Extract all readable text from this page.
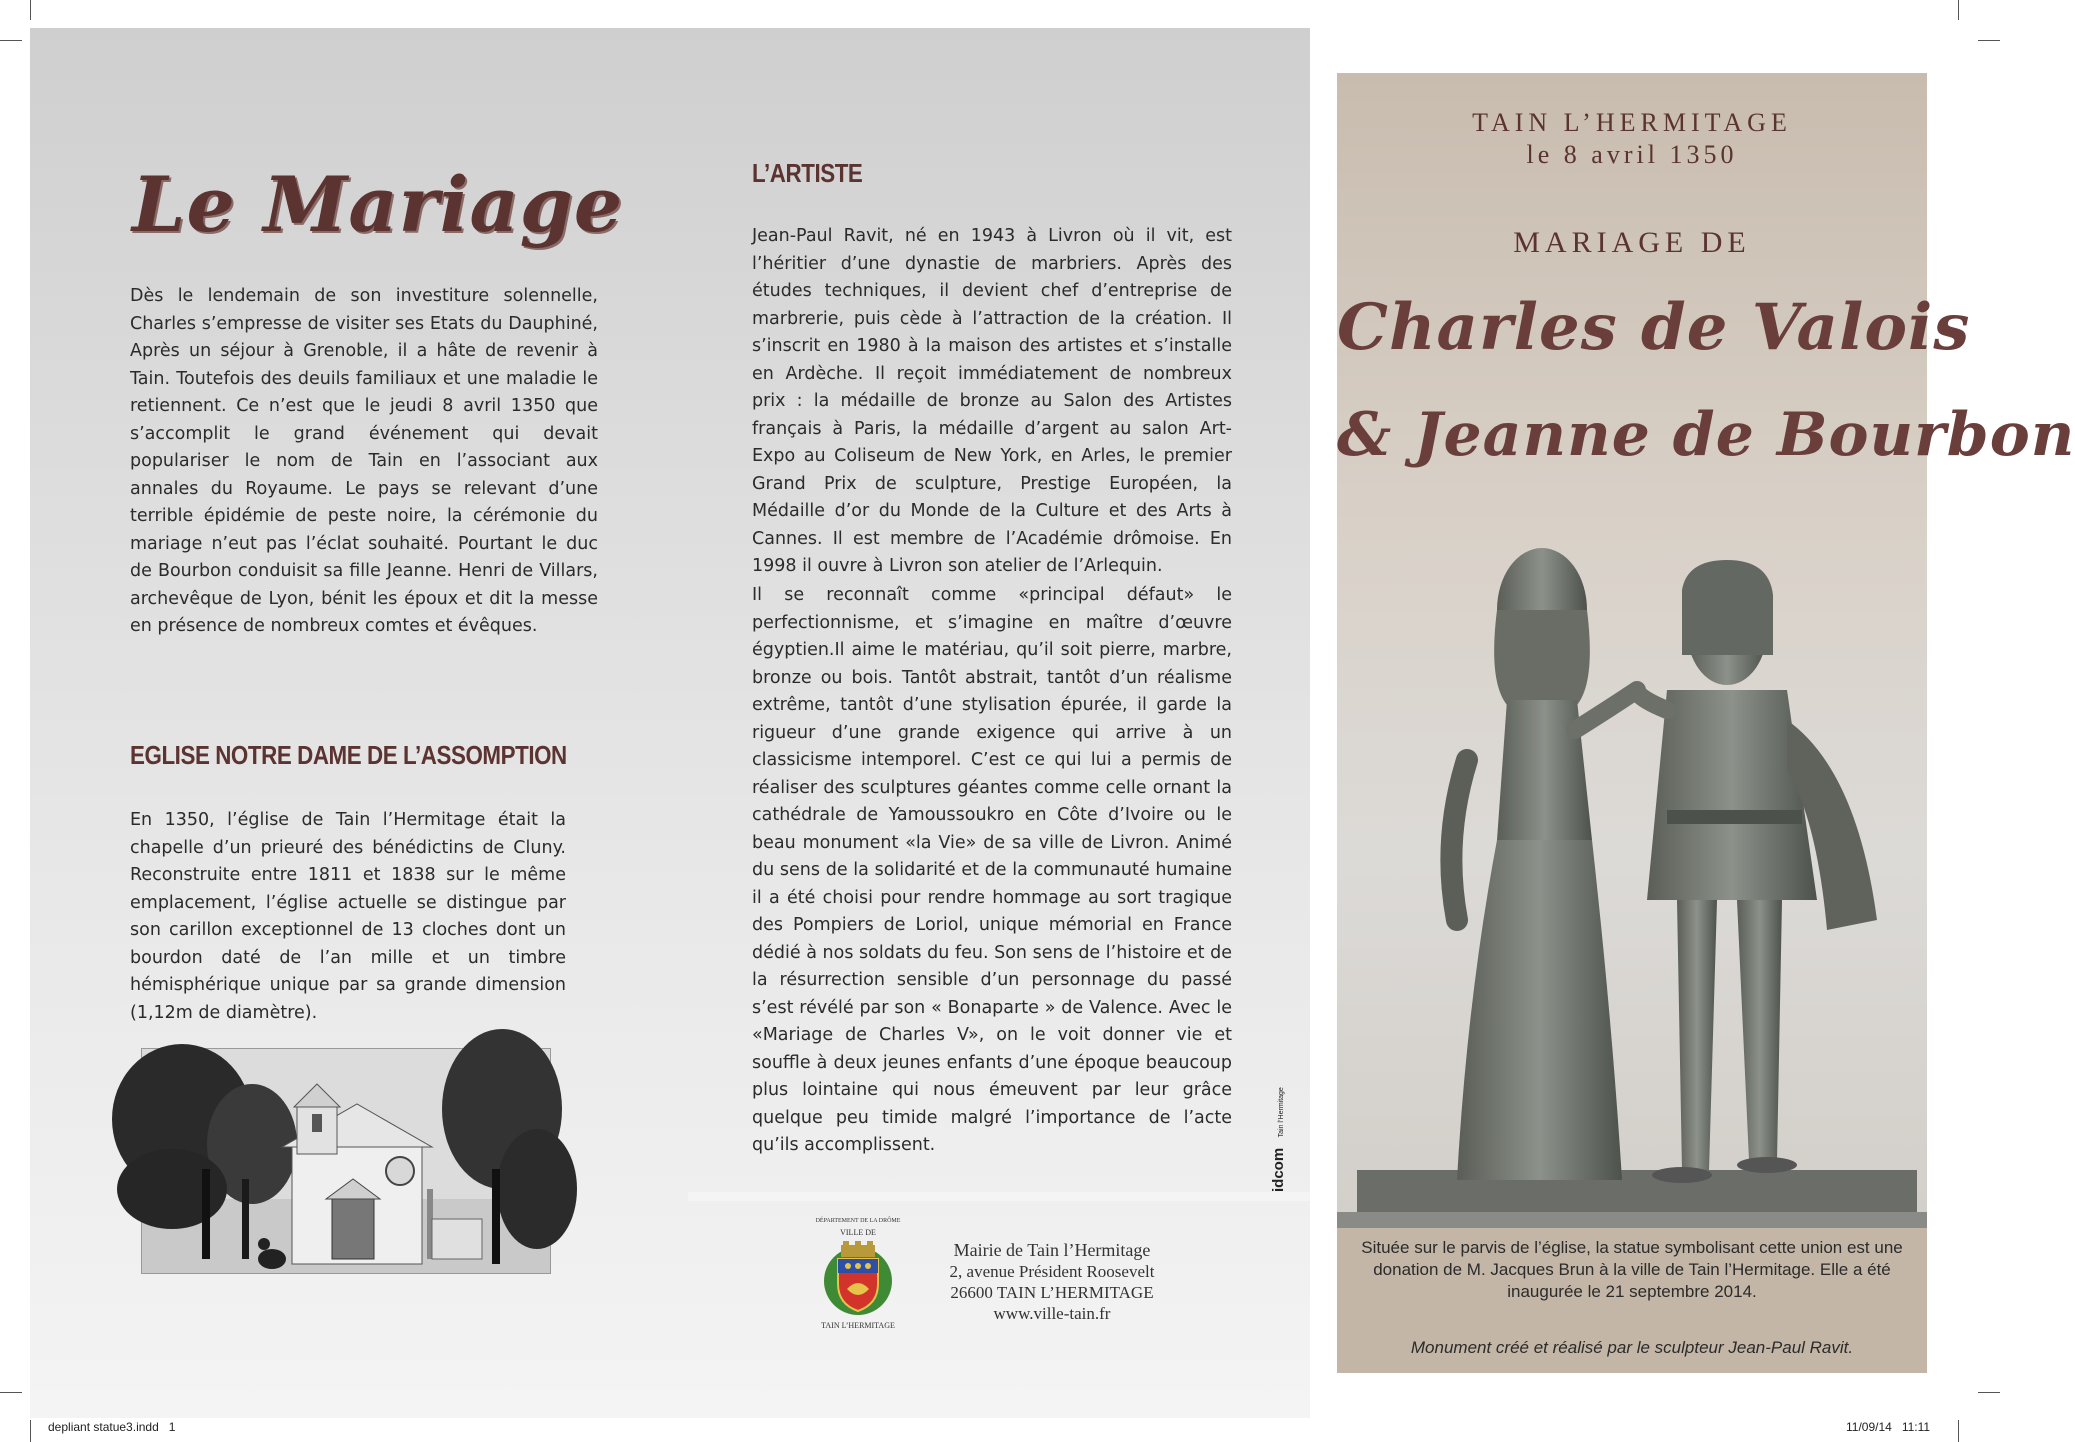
Le Mariage

Dès le lendemain de son investiture solennelle, Charles s’empresse de visiter ses Etats du Dauphiné, Après un séjour à Grenoble, il a hâte de revenir à Tain. Toutefois des deuils familiaux et une maladie le retiennent. Ce n’est que le jeudi 8 avril 1350 que s’accomplit le grand événement qui devait populariser le nom de Tain en l’associant aux annales du Royaume. Le pays se relevant d’une terrible épidémie de peste noire, la cérémonie du mariage n’eut pas l’éclat souhaité. Pourtant le duc de Bourbon conduisit sa fille Jeanne. Henri de Villars, archevêque de Lyon, bénit les époux et dit la messe en présence de nombreux comtes et évêques.

EGLISE NOTRE DAME DE L’ASSOMPTION

En 1350, l’église de Tain l’Hermitage était la chapelle d’un prieuré des bénédictins de Cluny. Reconstruite entre 1811 et 1838 sur le même emplacement, l’église actuelle se distingue par son carillon exceptionnel de 13 cloches dont un bourdon daté de l’an mille et un timbre hémisphérique unique par sa grande dimension (1,12m de diamètre).

L’ARTISTE

Jean-Paul Ravit, né en 1943 à Livron où il vit, est l’héritier d’une dynastie de marbriers. Après des études techniques, il devient chef d’entreprise de marbrerie, puis cède à l’attraction de la création. Il s’inscrit en 1980 à la maison des artistes et s’installe en Ardèche. Il reçoit immédiatement de nombreux prix : la médaille de bronze au Salon des Artistes français à Paris, la médaille d’argent au salon Art-Expo au Coliseum de New York, en Arles, le premier Grand Prix de sculpture, Prestige Européen, la Médaille d’or du Monde de la Culture et des Arts à Cannes. Il est membre de l’Académie drômoise. En 1998 il ouvre à Livron son atelier de l’Arlequin.

Il se reconnaît comme «principal défaut» le perfectionnisme, et s’imagine en maître d’œuvre égyptien.Il aime le matériau, qu’il soit pierre, marbre, bronze ou bois. Tantôt abstrait, tantôt d’un réalisme extrême, tantôt d’une stylisation épurée, il garde la rigueur d’une grande exigence qui arrive à un classicisme intemporel. C’est ce qui lui a permis de réaliser des sculptures géantes comme celle ornant la cathédrale de Yamoussoukro en Côte d’Ivoire ou le beau monument «la Vie» de sa ville de Livron. Animé du sens de la solidarité et de la communauté humaine il a été choisi pour rendre hommage au sort tragique des Pompiers de Loriol, unique mémorial en France dédié à nos soldats du feu. Son sens de l’histoire et de la résurrection sensible d’un personnage du passé s’est révélé par son « Bonaparte » de Valence. Avec le «Mariage de Charles V», on le voit donner vie et souffle à deux jeunes enfants d’une époque beaucoup plus lointaine qui nous émeuvent par leur grâce quelque peu timide malgré l’importance de l’acte qu’ils accomplissent.

DÉPARTEMENT DE LA DRÔME
VILLE DE
TAIN L’HERMITAGE
Mairie de Tain l’Hermitage
2, avenue Président Roosevelt
26600 TAIN L’HERMITAGE
www.ville-tain.fr
idcom Tain l’Hermitage
TAIN L’HERMITAGE
le 8 avril 1350
MARIAGE DE
Charles de Valois
& Jeanne de Bourbon

Située sur le parvis de l’église, la statue symbolisant cette union est une donation de M. Jacques Brun à la ville de Tain l’Hermitage. Elle a été inaugurée le 21 septembre 2014.

Monument créé et réalisé par le sculpteur Jean-Paul Ravit.

depliant statue3.indd   1	11/09/14   11:11
